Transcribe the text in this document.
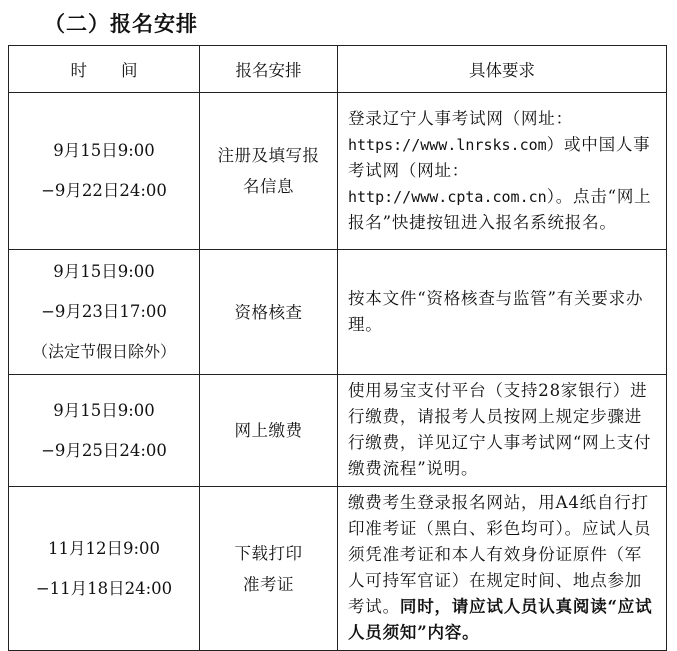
（二）报名安排
时 间	报名安排	具体要求

9月15日9:00
−9月22日24:00	注册及填写报
名信息	登录辽宁人事考试网（网址：https://www.lnrsks.com）或中国人事考试网（网址：http://www.cpta.com.cn）。点击“网上报名”快捷按钮进入报名系统报名。

9月15日9:00
−9月23日17:00
（法定节假日除外）	资格核查	按本文件“资格核查与监管”有关要求办理。

9月15日9:00
−9月25日24:00	网上缴费	使用易宝支付平台（支持28家银行）进行缴费，请报考人员按网上规定步骤进行缴费，详见辽宁人事考试网“网上支付缴费流程”说明。

11月12日9:00
−11月18日24:00	下载打印
准考证	缴费考生登录报名网站，用A4纸自行打印准考证（黑白、彩色均可）。应试人员须凭准考证和本人有效身份证原件（军人可持军官证）在规定时间、地点参加考试。同时，请应试人员认真阅读“应试人员须知”内容。
